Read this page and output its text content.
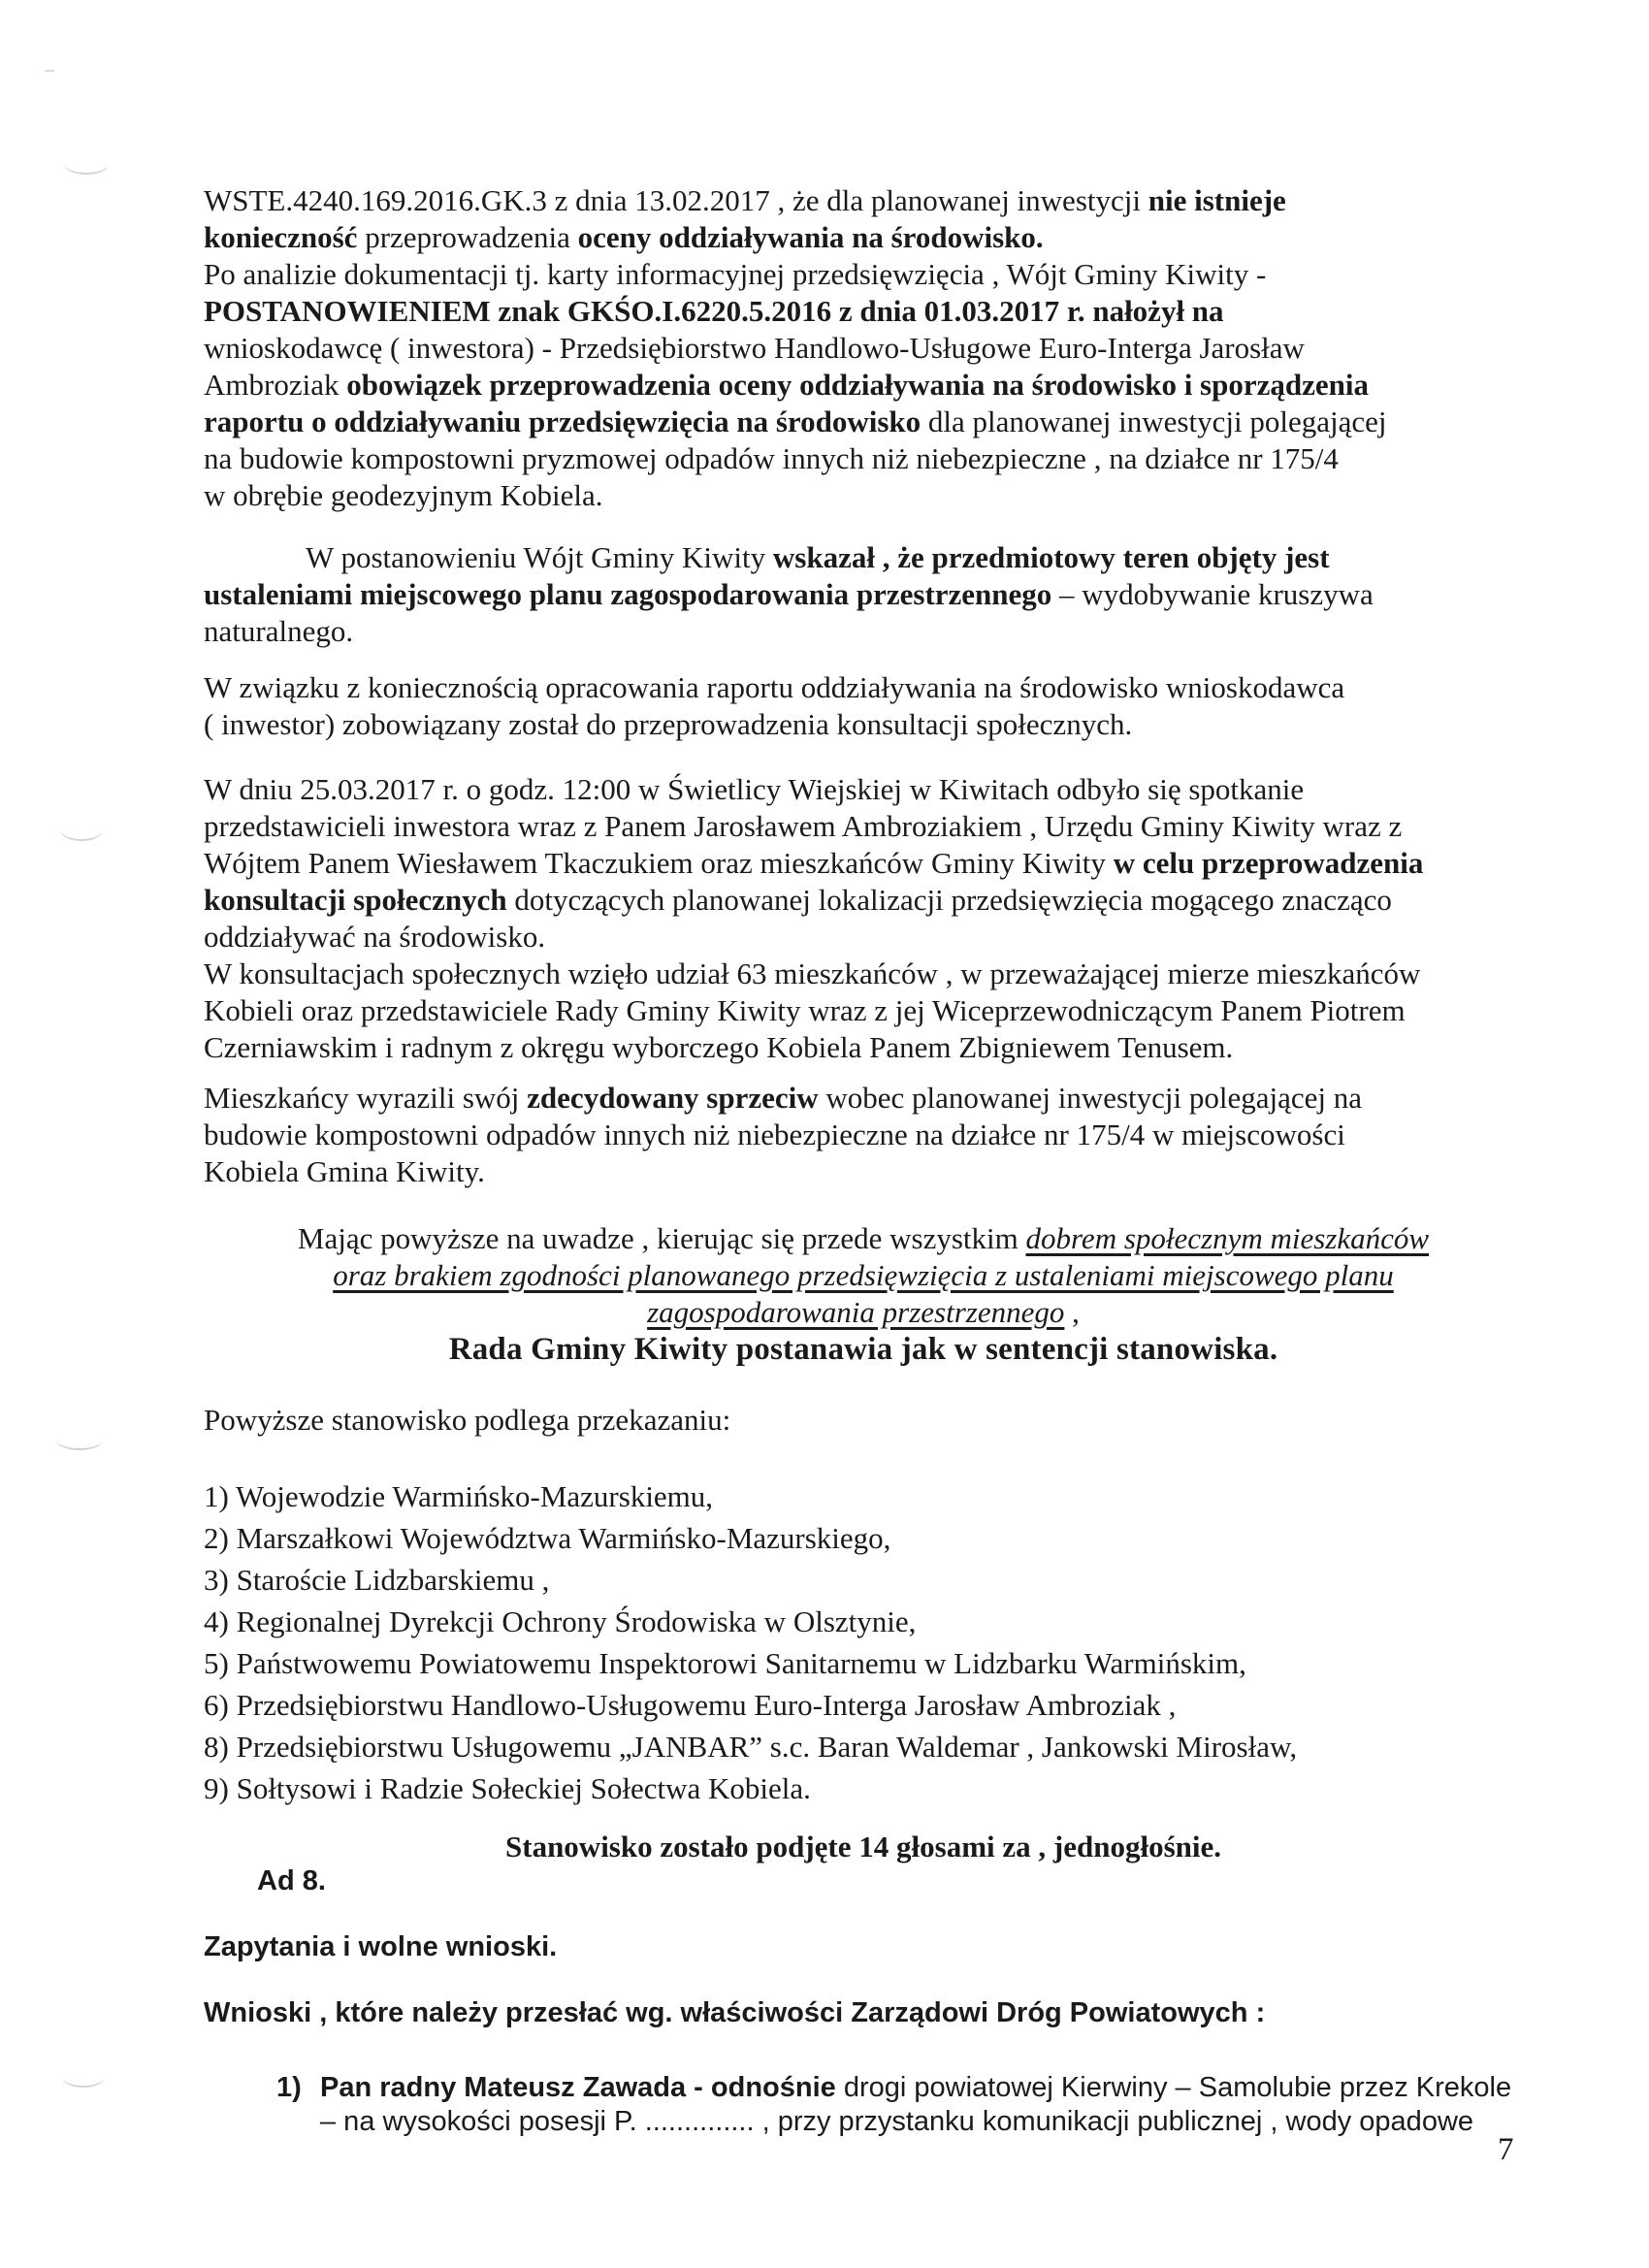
WSTE.4240.169.2016.GK.3 z dnia 13.02.2017 , że dla planowanej inwestycji nie istnieje
konieczność przeprowadzenia oceny oddziaływania na środowisko.
Po analizie dokumentacji tj. karty informacyjnej przedsięwzięcia , Wójt Gminy Kiwity -
POSTANOWIENIEM znak GKŚO.I.6220.5.2016 z dnia 01.03.2017 r. nałożył na
wnioskodawcę ( inwestora) - Przedsiębiorstwo Handlowo-Usługowe Euro-Interga Jarosław
Ambroziak obowiązek przeprowadzenia oceny oddziaływania na środowisko i sporządzenia
raportu o oddziaływaniu przedsięwzięcia na środowisko dla planowanej inwestycji polegającej
na budowie kompostowni pryzmowej odpadów innych niż niebezpieczne , na działce nr 175/4
w obrębie geodezyjnym Kobiela.
W postanowieniu Wójt Gminy Kiwity wskazał , że przedmiotowy teren objęty jest
ustaleniami miejscowego planu zagospodarowania przestrzennego – wydobywanie kruszywa
naturalnego.
W związku z koniecznością opracowania raportu oddziaływania na środowisko wnioskodawca
( inwestor) zobowiązany został do przeprowadzenia konsultacji społecznych.
W dniu 25.03.2017 r. o godz. 12:00 w Świetlicy Wiejskiej w Kiwitach odbyło się spotkanie
przedstawicieli inwestora wraz z Panem Jarosławem Ambroziakiem , Urzędu Gminy Kiwity wraz z
Wójtem Panem Wiesławem Tkaczukiem oraz mieszkańców Gminy Kiwity w celu przeprowadzenia
konsultacji społecznych dotyczących planowanej lokalizacji przedsięwzięcia mogącego znacząco
oddziaływać na środowisko.
W konsultacjach społecznych wzięło udział 63 mieszkańców , w przeważającej mierze mieszkańców
Kobieli oraz przedstawiciele Rady Gminy Kiwity wraz z jej Wiceprzewodniczącym Panem Piotrem
Czerniawskim i radnym z okręgu wyborczego Kobiela Panem Zbigniewem Tenusem.
Mieszkańcy wyrazili swój zdecydowany sprzeciw wobec planowanej inwestycji polegającej na
budowie kompostowni odpadów innych niż niebezpieczne na działce nr 175/4 w miejscowości
Kobiela Gmina Kiwity.
Mając powyższe na uwadze , kierując się przede wszystkim dobrem społecznym mieszkańców
oraz brakiem zgodności planowanego przedsięwzięcia z ustaleniami miejscowego planu
zagospodarowania przestrzennego ,
Rada Gminy Kiwity postanawia jak w sentencji stanowiska.
Powyższe stanowisko podlega przekazaniu:
1) Wojewodzie Warmińsko-Mazurskiemu,
2) Marszałkowi Województwa Warmińsko-Mazurskiego,
3) Staroście Lidzbarskiemu ,
4) Regionalnej Dyrekcji Ochrony Środowiska w Olsztynie,
5) Państwowemu Powiatowemu Inspektorowi Sanitarnemu w Lidzbarku Warmińskim,
6) Przedsiębiorstwu Handlowo-Usługowemu Euro-Interga Jarosław Ambroziak ,
8) Przedsiębiorstwu Usługowemu „JANBAR” s.c. Baran Waldemar , Jankowski Mirosław,
9) Sołtysowi i Radzie Sołeckiej Sołectwa Kobiela.
Stanowisko zostało podjęte 14 głosami za , jednogłośnie.
Ad 8.
Zapytania i wolne wnioski.
Wnioski , które należy przesłać wg. właściwości Zarządowi Dróg Powiatowych :
1) Pan radny Mateusz Zawada - odnośnie drogi powiatowej Kierwiny – Samolubie przez Krekole
– na wysokości posesji P. .............. , przy przystanku komunikacji publicznej , wody opadowe
7
